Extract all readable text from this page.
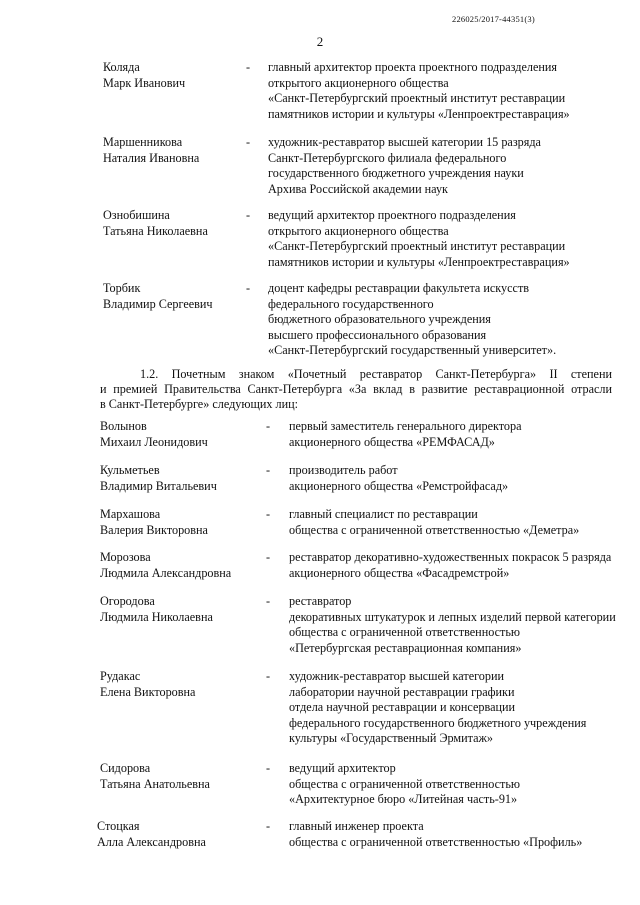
226025/2017-44351(3)
2
Коляда
Марк Иванович
- главный архитектор проекта проектного подразделения
открытого акционерного общества
«Санкт-Петербургский проектный институт реставрации
памятников истории и культуры «Ленпроектреставрация»
Маршенникова
Наталия Ивановна
- художник-реставратор высшей категории 15 разряда
Санкт-Петербургского филиала федерального
государственного бюджетного учреждения науки
Архива Российской академии наук
Ознобишина
Татьяна Николаевна
- ведущий архитектор проектного подразделения
открытого акционерного общества
«Санкт-Петербургский проектный институт реставрации
памятников истории и культуры «Ленпроектреставрация»
Торбик
Владимир Сергеевич
- доцент кафедры реставрации факультета искусств
федерального государственного
бюджетного образовательного учреждения
высшего профессионального образования
«Санкт-Петербургский государственный университет».
1.2. Почетным знаком «Почетный реставратор Санкт-Петербурга» II степени
и премией Правительства Санкт-Петербурга «За вклад в развитие реставрационной отрасли
в Санкт-Петербурге» следующих лиц:
Волынов
Михаил Леонидович
- первый заместитель генерального директора
акционерного общества «РЕМФАСАД»
Кульметьев
Владимир Витальевич
- производитель работ
акционерного общества «Ремстройфасад»
Мархашова
Валерия Викторовна
- главный специалист по реставрации
общества с ограниченной ответственностью «Деметра»
Морозова
Людмила Александровна
- реставратор декоративно-художественных покрасок 5 разряда
акционерного общества «Фасадремстрой»
Огородова
Людмила Николаевна
- реставратор
декоративных штукатурок и лепных изделий первой категории
общества с ограниченной ответственностью
«Петербургская реставрационная компания»
Рудакас
Елена Викторовна
- художник-реставратор высшей категории
лаборатории научной реставрации графики
отдела научной реставрации и консервации
федерального государственного бюджетного учреждения
культуры «Государственный Эрмитаж»
Сидорова
Татьяна Анатольевна
- ведущий архитектор
общества с ограниченной ответственностью
«Архитектурное бюро «Литейная часть-91»
Стоцкая
Алла Александровна
- главный инженер проекта
общества с ограниченной ответственностью «Профиль»
